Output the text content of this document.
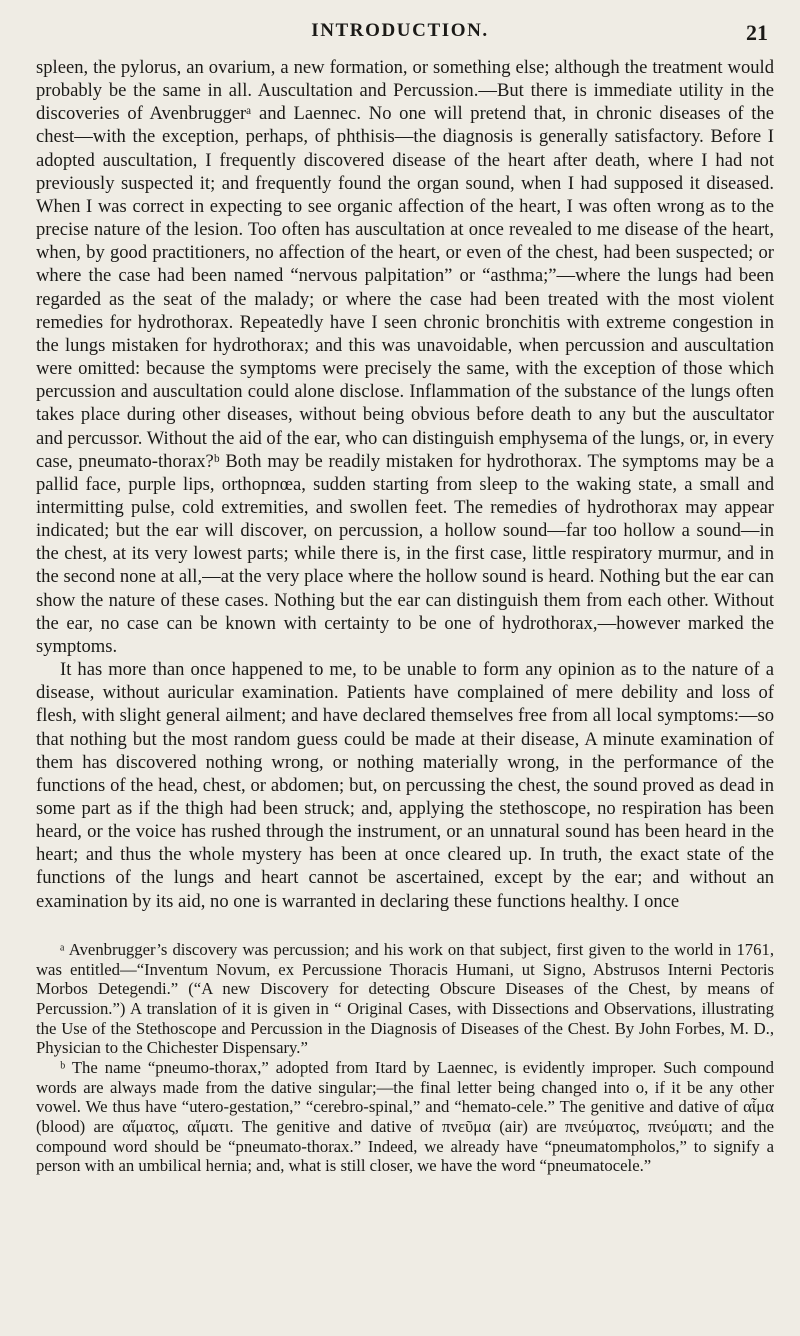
INTRODUCTION.	21

spleen, the pylorus, an ovarium, a new formation, or something else; although the treatment would probably be the same in all. Auscultation and Percussion.—But there is immediate utility in the discoveries of Avenbruggerᵃ and Laennec. No one will pretend that, in chronic diseases of the chest—with the exception, perhaps, of phthisis—the diagnosis is generally satisfactory. Before I adopted auscultation, I frequently discovered disease of the heart after death, where I had not previously suspected it; and frequently found the organ sound, when I had supposed it diseased. When I was correct in expecting to see organic affection of the heart, I was often wrong as to the precise nature of the lesion. Too often has auscultation at once revealed to me disease of the heart, when, by good practitioners, no affection of the heart, or even of the chest, had been suspected; or where the case had been named “nervous palpitation” or “asthma;”—where the lungs had been regarded as the seat of the malady; or where the case had been treated with the most violent remedies for hydrothorax. Repeatedly have I seen chronic bronchitis with extreme congestion in the lungs mistaken for hydrothorax; and this was unavoidable, when percussion and auscultation were omitted: because the symptoms were precisely the same, with the exception of those which percussion and auscultation could alone disclose. Inflammation of the substance of the lungs often takes place during other diseases, without being obvious before death to any but the auscultator and percussor. Without the aid of the ear, who can distinguish emphysema of the lungs, or, in every case, pneumato-thorax?ᵇ Both may be readily mistaken for hydrothorax. The symptoms may be a pallid face, purple lips, orthopnœa, sudden starting from sleep to the waking state, a small and intermitting pulse, cold extremities, and swollen feet. The remedies of hydrothorax may appear indicated; but the ear will discover, on percussion, a hollow sound—far too hollow a sound—in the chest, at its very lowest parts; while there is, in the first case, little respiratory murmur, and in the second none at all,—at the very place where the hollow sound is heard. Nothing but the ear can show the nature of these cases. Nothing but the ear can distinguish them from each other. Without the ear, no case can be known with certainty to be one of hydrothorax,—however marked the symptoms.

It has more than once happened to me, to be unable to form any opinion as to the nature of a disease, without auricular examination. Patients have complained of mere debility and loss of flesh, with slight general ailment; and have declared themselves free from all local symptoms:—so that nothing but the most random guess could be made at their disease, A minute examination of them has discovered nothing wrong, or nothing materially wrong, in the performance of the functions of the head, chest, or abdomen; but, on percussing the chest, the sound proved as dead in some part as if the thigh had been struck; and, applying the stethoscope, no respiration has been heard, or the voice has rushed through the instrument, or an unnatural sound has been heard in the heart; and thus the whole mystery has been at once cleared up. In truth, the exact state of the functions of the lungs and heart cannot be ascertained, except by the ear; and without an examination by its aid, no one is warranted in declaring these functions healthy. I once

ᵃ Avenbrugger’s discovery was percussion; and his work on that subject, first given to the world in 1761, was entitled—“Inventum Novum, ex Percussione Thoracis Humani, ut Signo, Abstrusos Interni Pectoris Morbos Detegendi.” (“A new Discovery for detecting Obscure Diseases of the Chest, by means of Percussion.”) A translation of it is given in “ Original Cases, with Dissections and Observations, illustrating the Use of the Stethoscope and Percussion in the Diagnosis of Diseases of the Chest. By John Forbes, M. D., Physician to the Chichester Dispensary.”

ᵇ The name “pneumo-thorax,” adopted from Itard by Laennec, is evidently improper. Such compound words are always made from the dative singular;—the final letter being changed into o, if it be any other vowel. We thus have “utero-gestation,” “cerebro-spinal,” and “hemato-cele.” The genitive and dative of αἷμα (blood) are αἵματος, αἵματι. The genitive and dative of πνεῦμα (air) are πνεύματος, πνεύματι; and the compound word should be “pneumato-thorax.” Indeed, we already have “pneumatompholos,” to signify a person with an umbilical hernia; and, what is still closer, we have the word “pneumatocele.”
